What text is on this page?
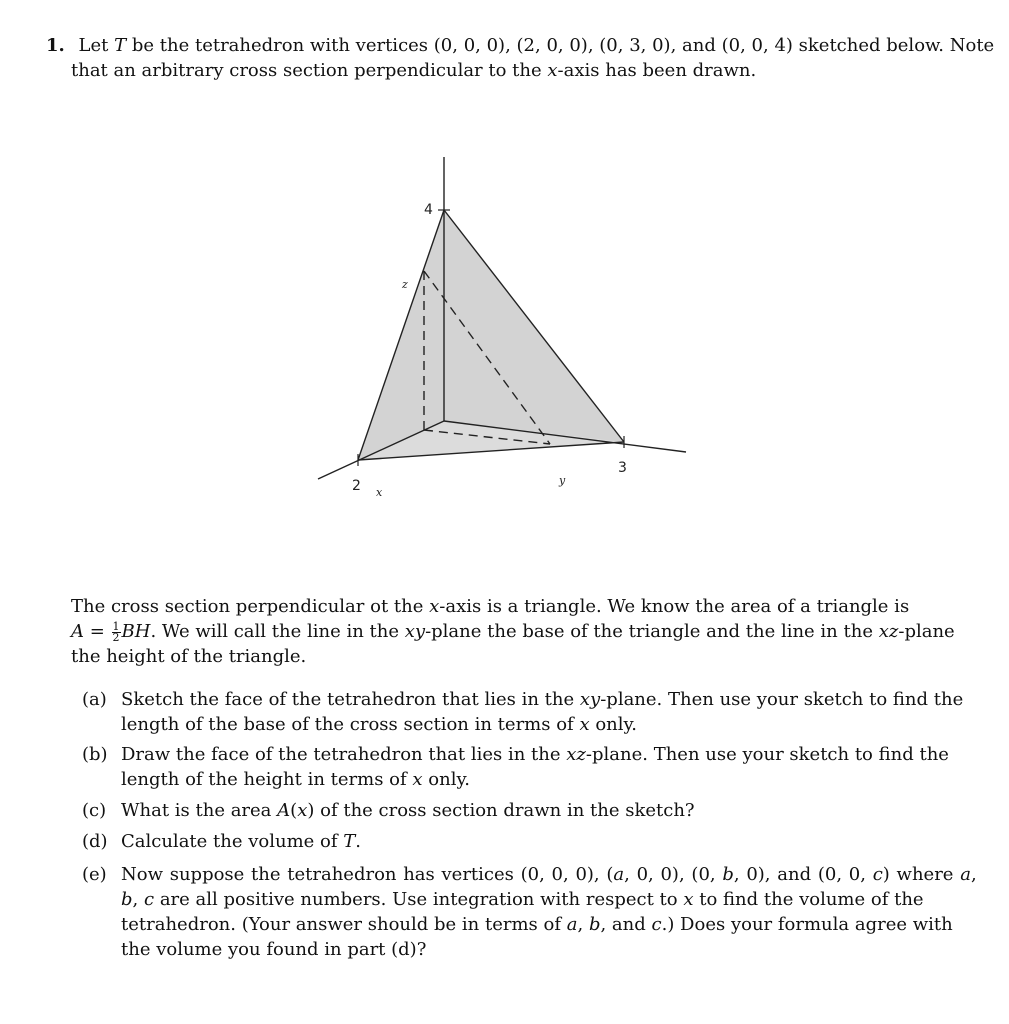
1. Let T be the tetrahedron with vertices (0, 0, 0), (2, 0, 0), (0, 3, 0), and (0, 0, 4) sketched below. Note
that an arbitrary cross section perpendicular to the x-axis has been drawn.
4
2
3
z
x
y
The cross section perpendicular ot the x-axis is a triangle. We know the area of a triangle is
$A = \frac{1}{2}$ BH. We will call the line in the xy-plane the base of the triangle and the line in the xz-plane
the height of the triangle.
(a) Sketch the face of the tetrahedron that lies in the xy-plane. Then use your sketch to find the
length of the base of the cross section in terms of x only.
(b) Draw the face of the tetrahedron that lies in the xz-plane. Then use your sketch to find the
length of the height in terms of x only.
(c) What is the area A(x) of the cross section drawn in the sketch?
(d) Calculate the volume of T.
(e) Now suppose the tetrahedron has vertices (0, 0, 0), (a, 0, 0), (0, b, 0), and (0, 0, c) where a,
b, c are all positive numbers. Use integration with respect to x to find the volume of the
tetrahedron. (Your answer should be in terms of a, b, and c.) Does your formula agree with
the volume you found in part (d)?
